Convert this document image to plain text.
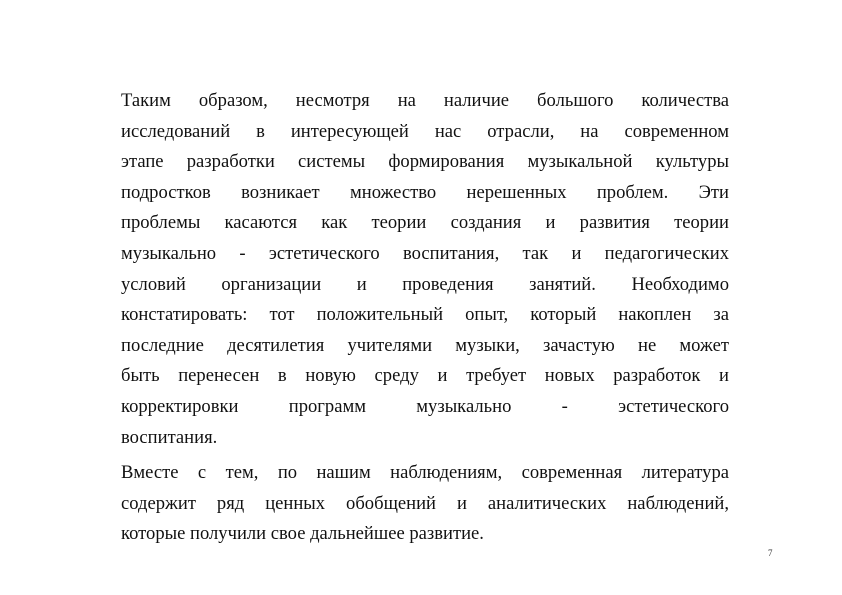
Таким образом, несмотря на наличие большого количества
исследований в интересующей нас отрасли, на современном
этапе разработки системы формирования музыкальной культуры
подростков возникает множество нерешенных проблем. Эти
проблемы касаются как теории создания и развития теории
музыкально - эстетического воспитания, так и педагогических
условий организации и проведения занятий. Необходимо
констатировать: тот положительный опыт, который накоплен за
последние десятилетия учителями музыки, зачастую не может
быть перенесен в новую среду и требует новых разработок и
корректировки программ музыкально - эстетического
воспитания.
Вместе с тем, по нашим наблюдениям, современная литература
содержит ряд ценных обобщений и аналитических наблюдений,
которые получили свое дальнейшее развитие.
7
